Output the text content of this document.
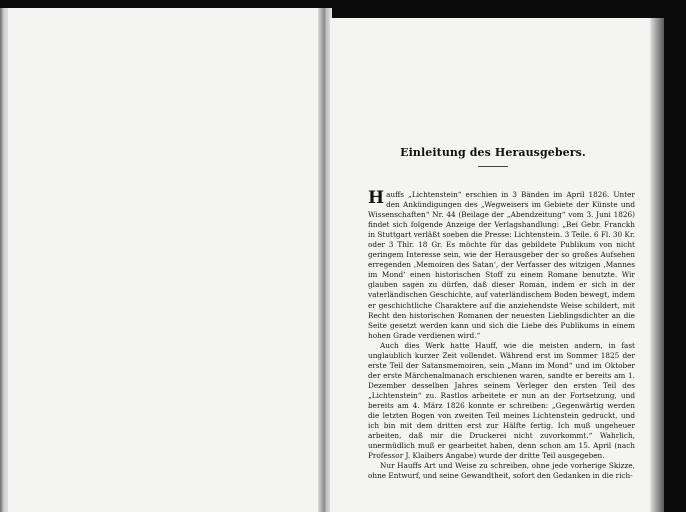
Einleitung des Herausgebers.

Hauffs „Lichtenstein“ erschien in 3 Bänden im April 1826. Unter den Ankündigungen des „Wegweisers im Gebiete der Künste und Wissenschaften“ Nr. 44 (Beilage der „Abendzeitung“ vom 3. Juni 1826) findet sich folgende Anzeige der Verlagshandlung: „Bei Gebr. Franckh in Stuttgart verläßt soeben die Presse: Lichtenstein. 3 Teile. 6 Fl. 30 Kr. oder 3 Thlr. 18 Gr. Es möchte für das gebildete Publikum von nicht geringem Interesse sein, wie der Herausgeber der so großes Aufsehen erregenden ‚Memoiren des Satan‘, der Verfasser des witzigen ‚Mannes im Mond‘ einen historischen Stoff zu einem Romane benutzte. Wir glauben sagen zu dürfen, daß dieser Roman, indem er sich in der vaterländischen Geschichte, auf vaterländischem Boden bewegt, indem er geschichtliche Charaktere auf die anziehendste Weise schildert, mit Recht den historischen Romanen der neuesten Lieblingsdichter an die Seite gesetzt werden kann und sich die Liebe des Publikums in einem hohen Grade verdienen wird.“

Auch dies Werk hatte Hauff, wie die meisten andern, in fast unglaublich kurzer Zeit vollendet. Während erst im Sommer 1825 der erste Teil der Satansmemoiren, sein „Mann im Mond“ und im Oktober der erste Märchenalmanach erschienen waren, sandte er bereits am 1. Dezember desselben Jahres seinem Verleger den ersten Teil des „Lichtenstein“ zu. Rastlos arbeitete er nun an der Fortsetzung, und bereits am 4. März 1826 konnte er schreiben: „Gegenwärtig werden die letzten Bogen von zweiten Teil meines Lichtenstein gedruckt, und ich bin mit dem dritten erst zur Hälfte fertig. Ich muß ungeheuer arbeiten, daß mir die Druckerei nicht zuvorkommt.“ Wahrlich, unermüdlich muß er gearbeitet haben, denn schon am 15. April (nach Professor J. Klaibers Angabe) wurde der dritte Teil ausgegeben.

Nur Hauffs Art und Weise zu schreiben, ohne jede vorherige Skizze, ohne Entwurf, und seine Gewandtheit, sofort den Gedanken in die rich-
